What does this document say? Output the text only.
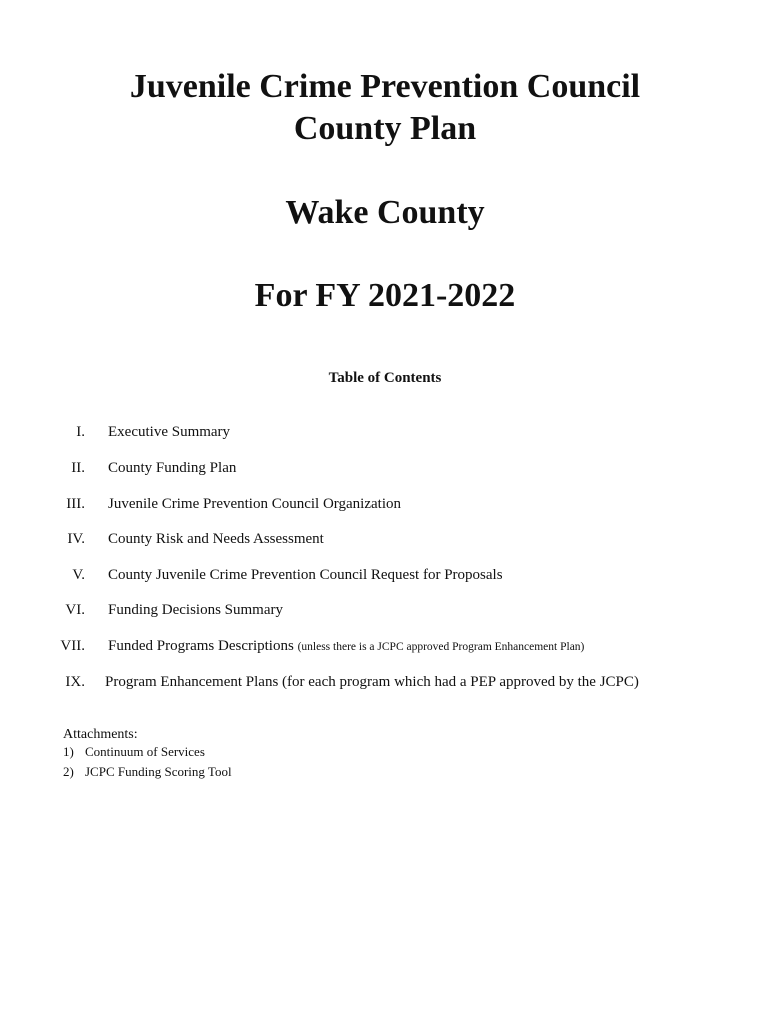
Juvenile Crime Prevention Council
County Plan
Wake County
For FY 2021-2022
Table of Contents
I. Executive Summary
II. County Funding Plan
III. Juvenile Crime Prevention Council Organization
IV. County Risk and Needs Assessment
V. County Juvenile Crime Prevention Council Request for Proposals
VI. Funding Decisions Summary
VII. Funded Programs Descriptions (unless there is a JCPC approved Program Enhancement Plan)
IX. Program Enhancement Plans (for each program which had a PEP approved by the JCPC)
Attachments:
1) Continuum of Services
2) JCPC Funding Scoring Tool
